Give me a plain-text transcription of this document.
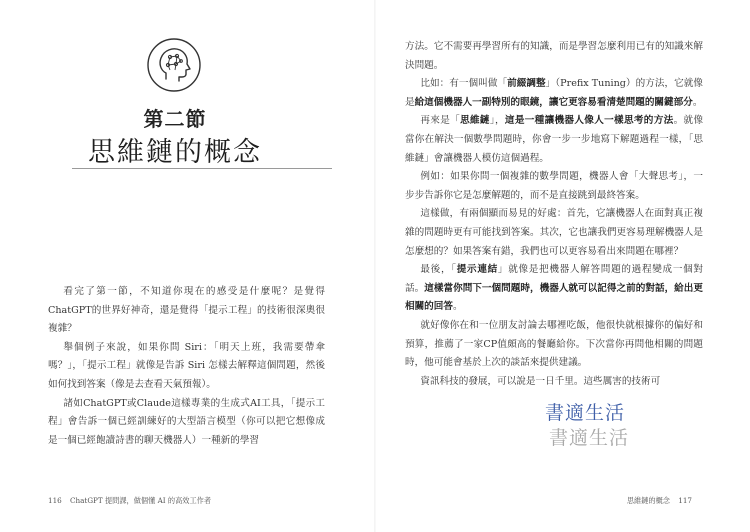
第二節
思維鏈的概念

看完了第一節，不知道你現在的感受是什麼呢？是覺得ChatGPT的世界好神奇，還是覺得「提示工程」的技術很深奧很複雜？

舉個例子來說，如果你問 Siri：「明天上班，我需要帶傘嗎？」，「提示工程」就像是告訴 Siri 怎樣去解釋這個問題，然後如何找到答案（像是去查看天氣預報）。

諸如ChatGPT或Claude這樣專業的生成式AI工具，「提示工程」會告訴一個已經訓練好的大型語言模型（你可以把它想像成是一個已經飽讀詩書的聊天機器人）一種新的學習

116 ChatGPT 提問課，做個懂 AI 的高效工作者	思維鏈的概念 117

方法。它不需要再學習所有的知識，而是學習怎麼利用已有的知識來解決問題。

比如：有一個叫做「前綴調整」（Prefix Tuning）的方法，它就像是給這個機器人一副特別的眼鏡，讓它更容易看清楚問題的關鍵部分。

再來是「思維鏈」，這是一種讓機器人像人一樣思考的方法。就像當你在解決一個數學問題時，你會一步一步地寫下解題過程一樣，「思維鏈」會讓機器人模仿這個過程。

例如：如果你問一個複雜的數學問題，機器人會「大聲思考」，一步步告訴你它是怎麼解題的，而不是直接跳到最終答案。

這樣做，有兩個顯而易見的好處：首先，它讓機器人在面對真正複雜的問題時更有可能找到答案。其次，它也讓我們更容易理解機器人是怎麼想的？如果答案有錯，我們也可以更容易看出來問題在哪裡？

最後，「提示連結」就像是把機器人解答問題的過程變成一個對話。這樣當你問下一個問題時，機器人就可以記得之前的對話，給出更相關的回答。

就好像你在和一位朋友討論去哪裡吃飯，他很快就根據你的偏好和預算，推薦了一家CP值頗高的餐廳給你。下次當你再問他相關的問題時，他可能會基於上次的談話來提供建議。

資訊科技的發展，可以說是一日千里。這些厲害的技術可

書適生活
書適生活
